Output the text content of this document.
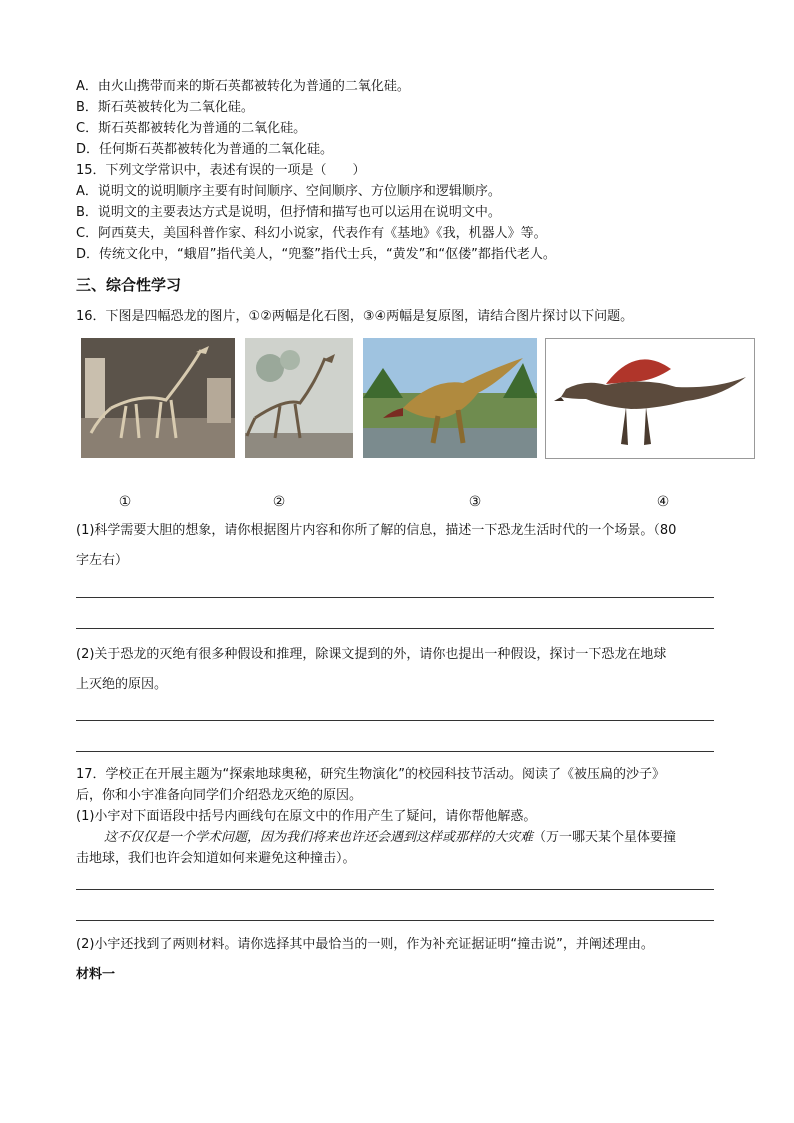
A．由火山携带而来的斯石英都被转化为普通的二氧化硅。
B．斯石英被转化为二氧化硅。
C．斯石英都被转化为普通的二氧化硅。
D．任何斯石英都被转化为普通的二氧化硅。
15．下列文学常识中，表述有误的一项是（　　）
A．说明文的说明顺序主要有时间顺序、空间顺序、方位顺序和逻辑顺序。
B．说明文的主要表达方式是说明，但抒情和描写也可以运用在说明文中。
C．阿西莫夫，美国科普作家、科幻小说家，代表作有《基地》《我，机器人》等。
D．传统文化中，“蛾眉”指代美人，“兜鍪”指代士兵，“黄发”和“伛偻”都指代老人。
三、综合性学习
16．下图是四幅恐龙的图片，①②两幅是化石图，③④两幅是复原图，请结合图片探讨以下问题。
①	②	③	④
(1)科学需要大胆的想象，请你根据图片内容和你所了解的信息，描述一下恐龙生活时代的一个场景。（80
字左右）
(2)关于恐龙的灭绝有很多种假设和推理，除课文提到的外，请你也提出一种假设，探讨一下恐龙在地球
上灭绝的原因。
17．学校正在开展主题为“探索地球奥秘，研究生物演化”的校园科技节活动。阅读了《被压扁的沙子》
后，你和小宇准备向同学们介绍恐龙灭绝的原因。
(1)小宇对下面语段中括号内画线句在原文中的作用产生了疑问，请你帮他解惑。
这不仅仅是一个学术问题，因为我们将来也许还会遇到这样或那样的大灾难（万一哪天某个星体要撞
击地球，我们也许会知道如何来避免这种撞击）。
(2)小宇还找到了两则材料。请你选择其中最恰当的一则，作为补充证据证明“撞击说”，并阐述理由。
材料一
